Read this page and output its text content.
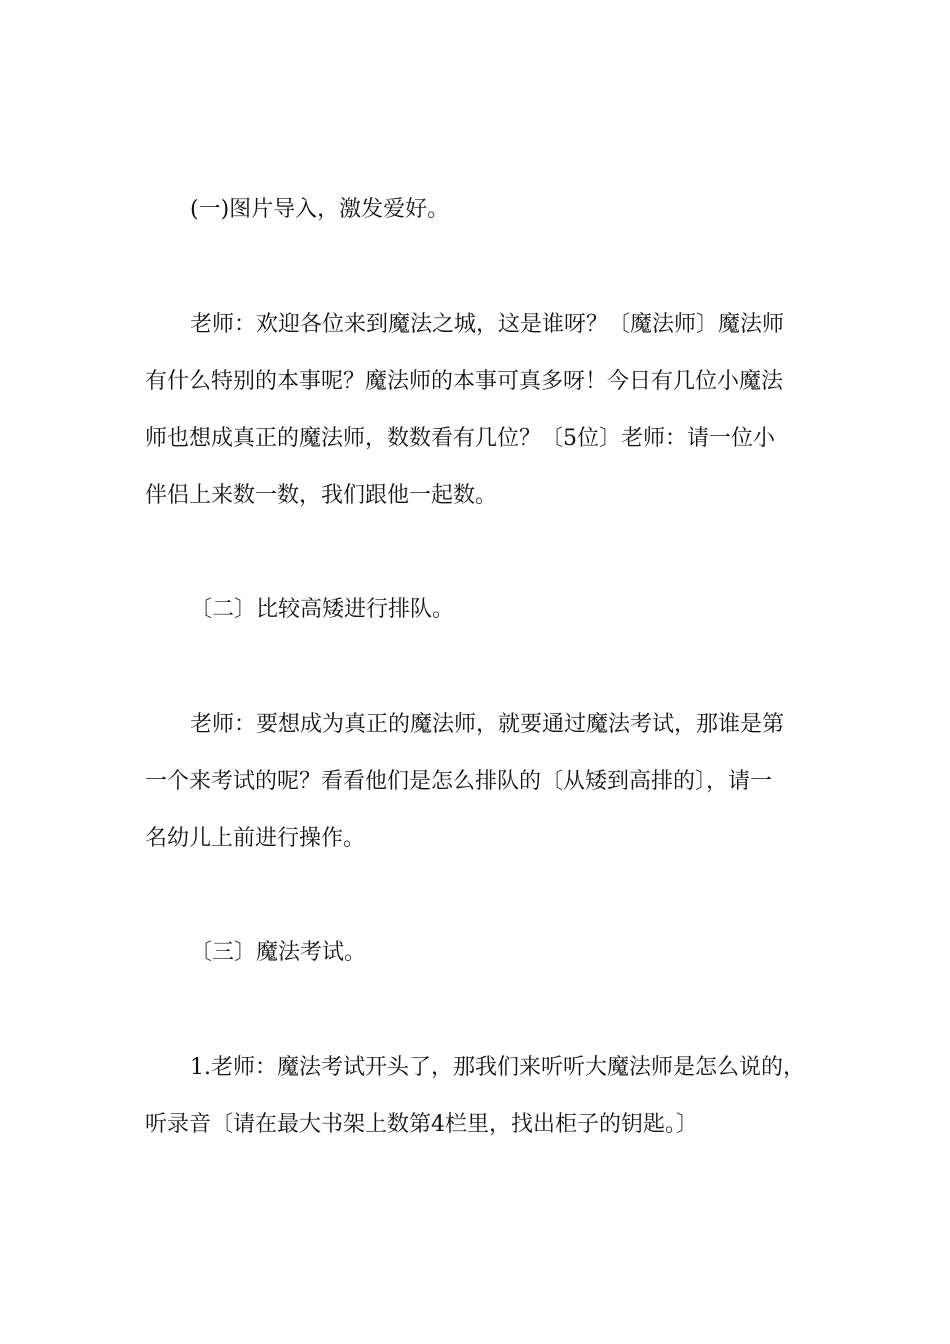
(一)图片导入，激发爱好。
老师：欢迎各位来到魔法之城，这是谁呀？〔魔法师〕魔法师
有什么特别的本事呢？魔法师的本事可真多呀！今日有几位小魔法
师也想成真正的魔法师，数数看有几位？〔5位〕老师：请一位小
伴侣上来数一数，我们跟他一起数。
〔二〕比较高矮进行排队。
老师：要想成为真正的魔法师，就要通过魔法考试，那谁是第
一个来考试的呢？看看他们是怎么排队的〔从矮到高排的〕，请一
名幼儿上前进行操作。
〔三〕魔法考试。
1.老师：魔法考试开头了，那我们来听听大魔法师是怎么说的，
听录音〔请在最大书架上数第4栏里，找出柜子的钥匙。〕
